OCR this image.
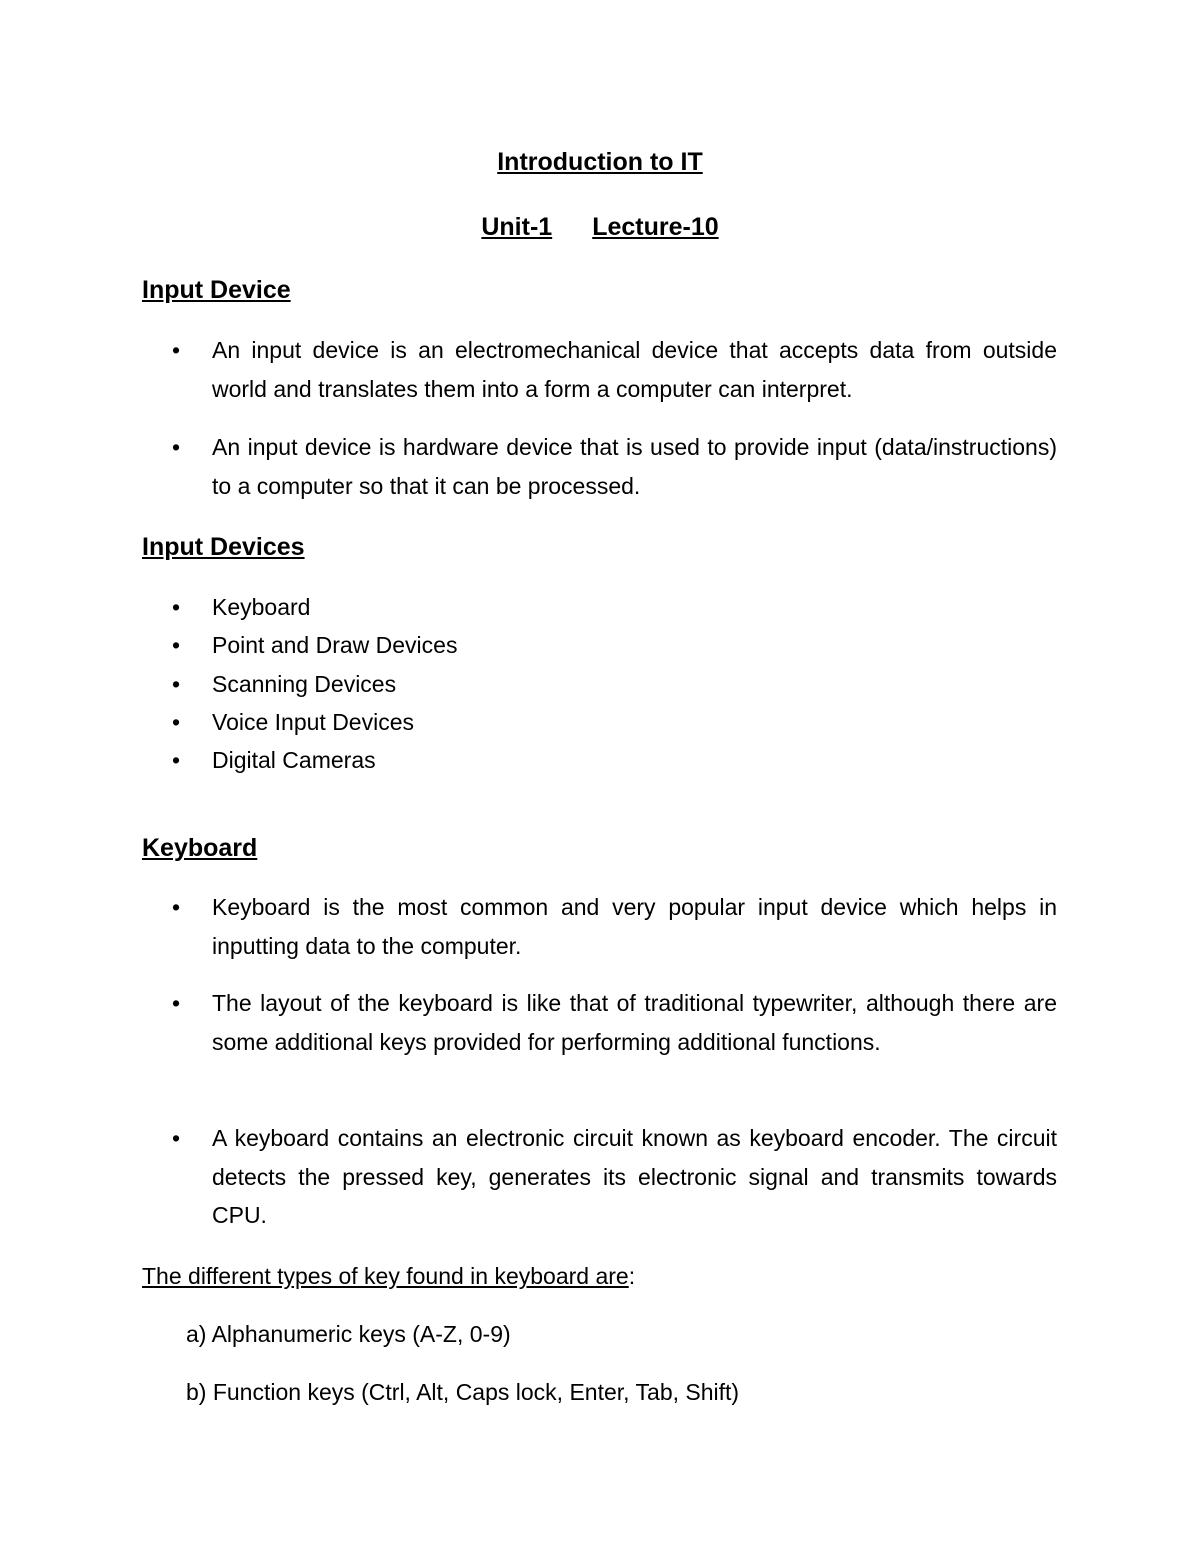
Introduction to IT
Unit-1 Lecture-10
Input Device
• An input device is an electromechanical device that accepts data from outside world and translates them into a form a computer can interpret.
• An input device is hardware device that is used to provide input (data/instructions) to a computer so that it can be processed.
Input Devices
• Keyboard
• Point and Draw Devices
• Scanning Devices
• Voice Input Devices
• Digital Cameras
Keyboard
• Keyboard is the most common and very popular input device which helps in inputting data to the computer.
• The layout of the keyboard is like that of traditional typewriter, although there are some additional keys provided for performing additional functions.
• A keyboard contains an electronic circuit known as keyboard encoder. The circuit detects the pressed key, generates its electronic signal and transmits towards CPU.
The different types of key found in keyboard are:
a) Alphanumeric keys (A-Z, 0-9)
b) Function keys (Ctrl, Alt, Caps lock, Enter, Tab, Shift)
